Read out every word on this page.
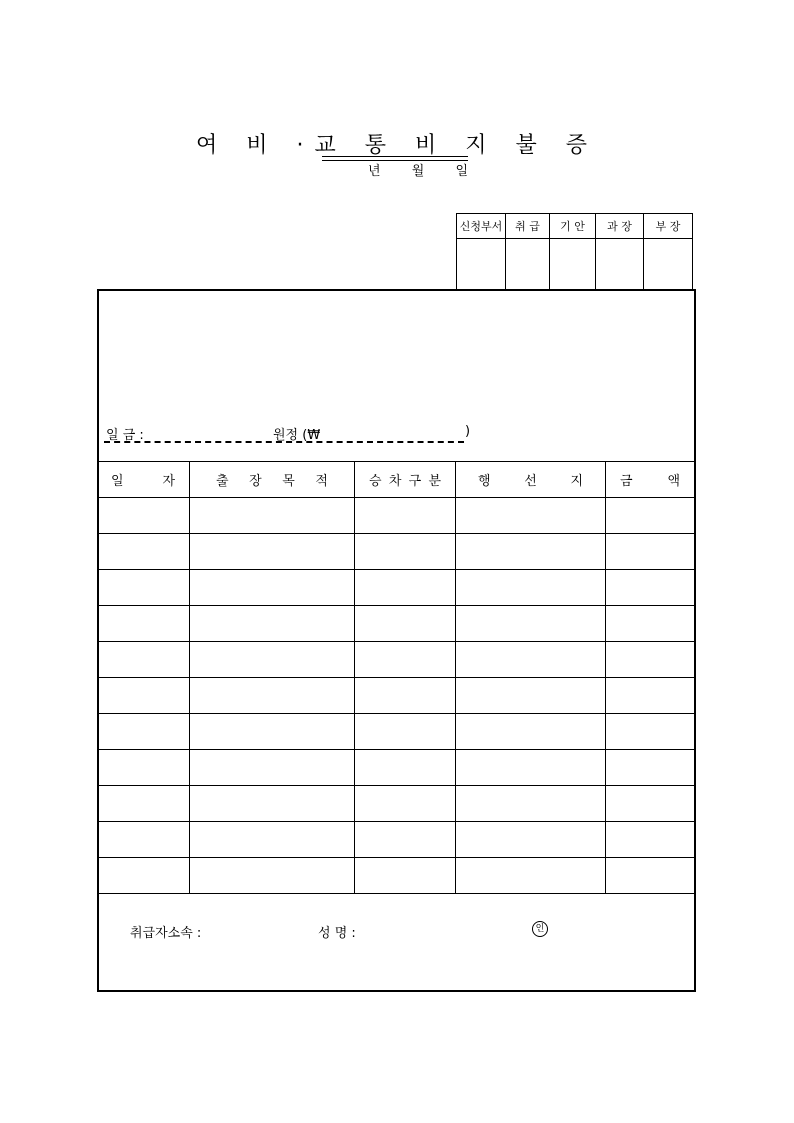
여 비 ·교 통 비 지 불 증
년 월 일
신청부서	취 급	기 안	과 장	부 장

일 금 :	원정 (₩	)
일 자	출 장 목 적	승 차 구 분	행 선 지	금 액

취급자소속 :	성 명 :	인
